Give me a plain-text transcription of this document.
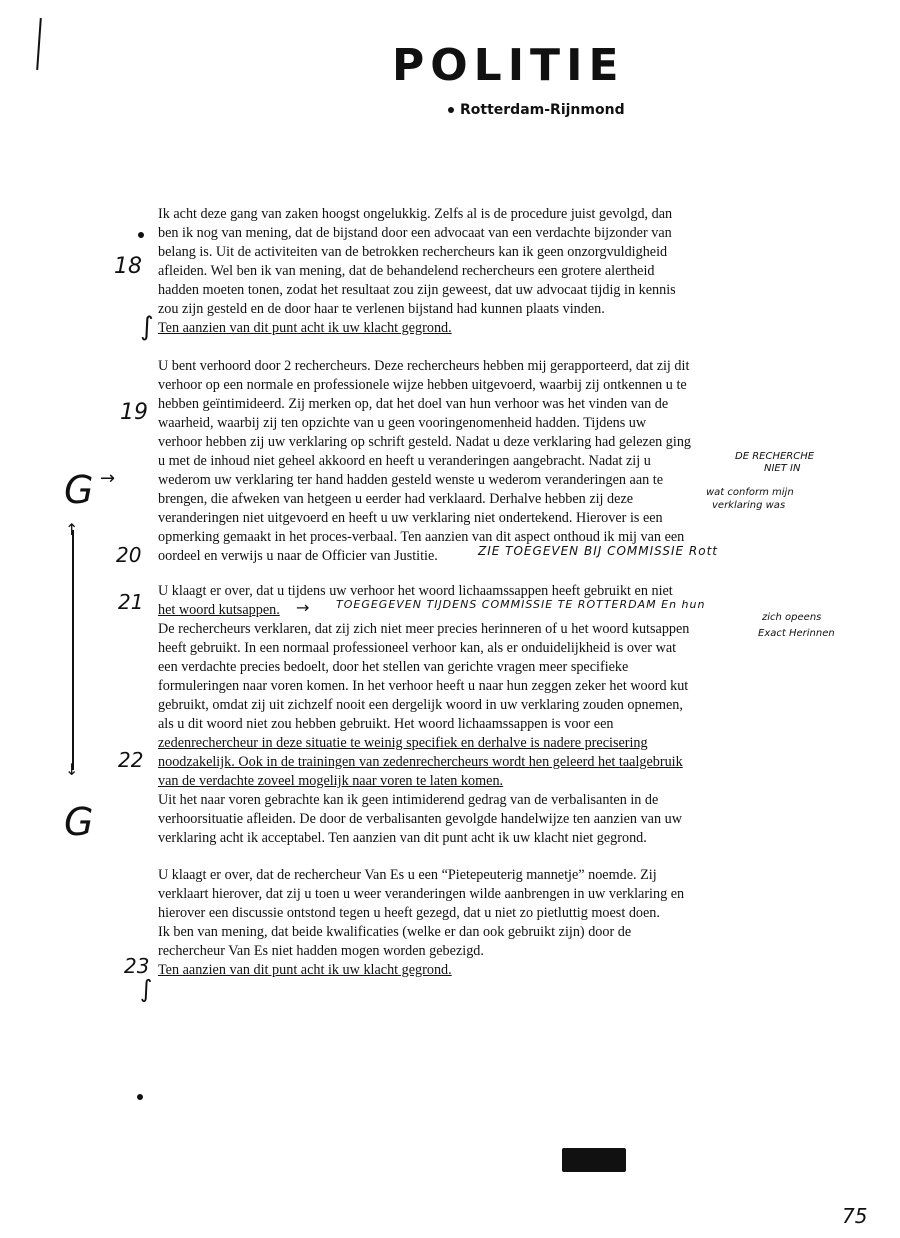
POLITIE
Rotterdam-Rijnmond
Ik acht deze gang van zaken hoogst ongelukkig. Zelfs al is de procedure juist gevolgd, dan
ben ik nog van mening, dat de bijstand door een advocaat van een verdachte bijzonder van
belang is. Uit de activiteiten van de betrokken rechercheurs kan ik geen onzorgvuldigheid
afleiden. Wel ben ik van mening, dat de behandelend rechercheurs een grotere alertheid
hadden moeten tonen, zodat het resultaat zou zijn geweest, dat uw advocaat tijdig in kennis
zou zijn gesteld en de door haar te verlenen bijstand had kunnen plaats vinden.
Ten aanzien van dit punt acht ik uw klacht gegrond.
U bent verhoord door 2 rechercheurs. Deze rechercheurs hebben mij gerapporteerd, dat zij dit
verhoor op een normale en professionele wijze hebben uitgevoerd, waarbij zij ontkennen u te
hebben geïntimideerd. Zij merken op, dat het doel van hun verhoor was het vinden van de
waarheid, waarbij zij ten opzichte van u geen vooringenomenheid hadden. Tijdens uw
verhoor hebben zij uw verklaring op schrift gesteld. Nadat u deze verklaring had gelezen ging
u met de inhoud niet geheel akkoord en heeft u veranderingen aangebracht. Nadat zij u
wederom uw verklaring ter hand hadden gesteld wenste u wederom veranderingen aan te
brengen, die afweken van hetgeen u eerder had verklaard. Derhalve hebben zij deze
veranderingen niet uitgevoerd en heeft u uw verklaring niet ondertekend. Hierover is een
opmerking gemaakt in het proces-verbaal. Ten aanzien van dit aspect onthoud ik mij van een
oordeel en verwijs u naar de Officier van Justitie.
U klaagt er over, dat u tijdens uw verhoor het woord lichaamssappen heeft gebruikt en niet
het woord kutsappen.
De rechercheurs verklaren, dat zij zich niet meer precies herinneren of u het woord kutsappen
heeft gebruikt. In een normaal professioneel verhoor kan, als er onduidelijkheid is over wat
een verdachte precies bedoelt, door het stellen van gerichte vragen meer specifieke
formuleringen naar voren komen. In het verhoor heeft u naar hun zeggen zeker het woord kut
gebruikt, omdat zij uit zichzelf nooit een dergelijk woord in uw verklaring zouden opnemen,
als u dit woord niet zou hebben gebruikt. Het woord lichaamssappen is voor een
zedenrechercheur in deze situatie te weinig specifiek en derhalve is nadere precisering
noodzakelijk. Ook in de trainingen van zedenrechercheurs wordt hen geleerd het taalgebruik
van de verdachte zoveel mogelijk naar voren te laten komen.
Uit het naar voren gebrachte kan ik geen intimiderend gedrag van de verbalisanten in de
verhoorsituatie afleiden. De door de verbalisanten gevolgde handelwijze ten aanzien van uw
verklaring acht ik acceptabel. Ten aanzien van dit punt acht ik uw klacht niet gegrond.
U klaagt er over, dat de rechercheur Van Es u een “Pietepeuterig mannetje” noemde. Zij
verklaart hierover, dat zij u toen u weer veranderingen wilde aanbrengen in uw verklaring en
hierover een discussie ontstond tegen u heeft gezegd, dat u niet zo pietluttig moest doen.
Ik ben van mening, dat beide kwalificaties (welke er dan ook gebruikt zijn) door de
rechercheur Van Es niet hadden mogen worden gebezigd.
Ten aanzien van dit punt acht ik uw klacht gegrond.
18
19
20
21
22
23
75
G
G
↑
↓
→
DE RECHERCHE
NIET IN
wat conform mijn
verklaring was
ZIE TOEGEVEN BIJ COMMISSIE Rott
TOEGEGEVEN TIJDENS COMMISSIE TE ROTTERDAM En hun
zich opeens
Exact Herinnen
→
∫
∫
